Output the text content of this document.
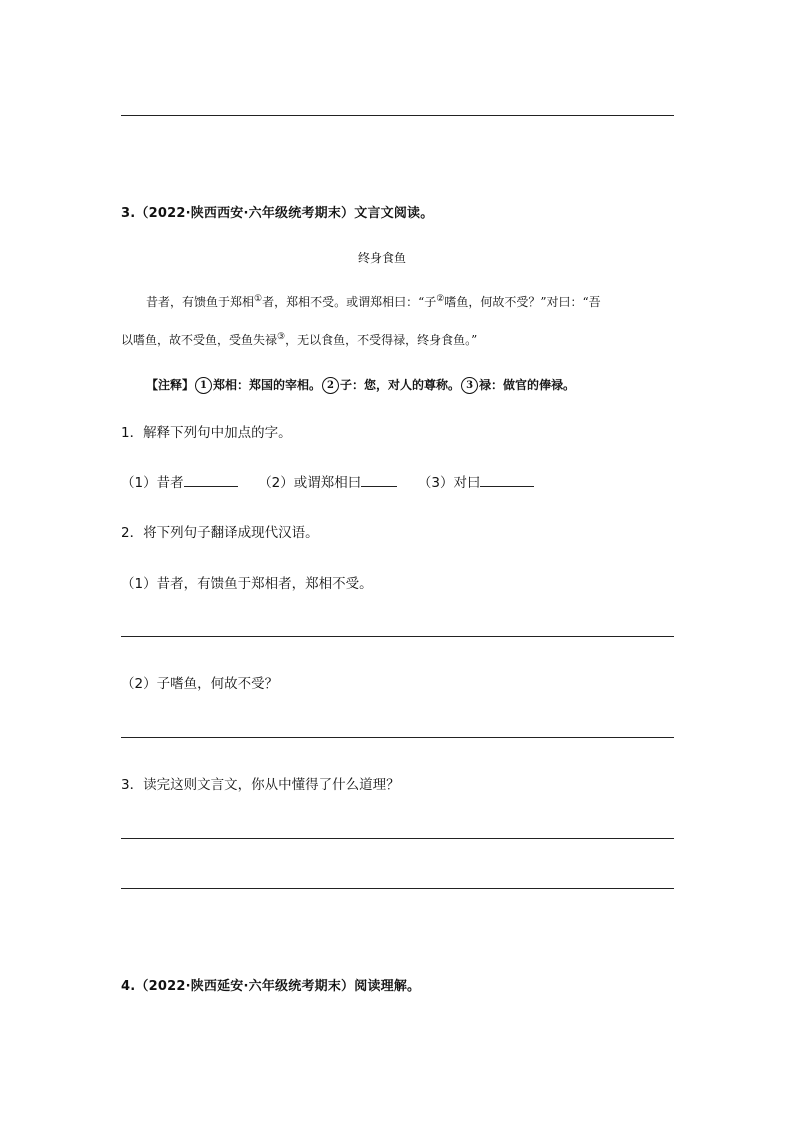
3.（2022·陕西西安·六年级统考期末）文言文阅读。
终身食鱼
昔者，有馈鱼于郑相①者，郑相不受。或谓郑相曰：“子②嗜鱼，何故不受？”对曰：“吾
以嗜鱼，故不受鱼，受鱼失禄③，无以食鱼，不受得禄，终身食鱼。”
【注释】 1 郑相：郑国的宰相。 2 子：您，对人的尊称。 3 禄：做官的俸禄。
1．解释下列句中加点的字。
（1）昔者	（2）或谓郑相曰	（3）对曰
2．将下列句子翻译成现代汉语。
（1）昔者，有馈鱼于郑相者，郑相不受。
（2）子嗜鱼，何故不受？
3．读完这则文言文，你从中懂得了什么道理？
4.（2022·陕西延安·六年级统考期末）阅读理解。
